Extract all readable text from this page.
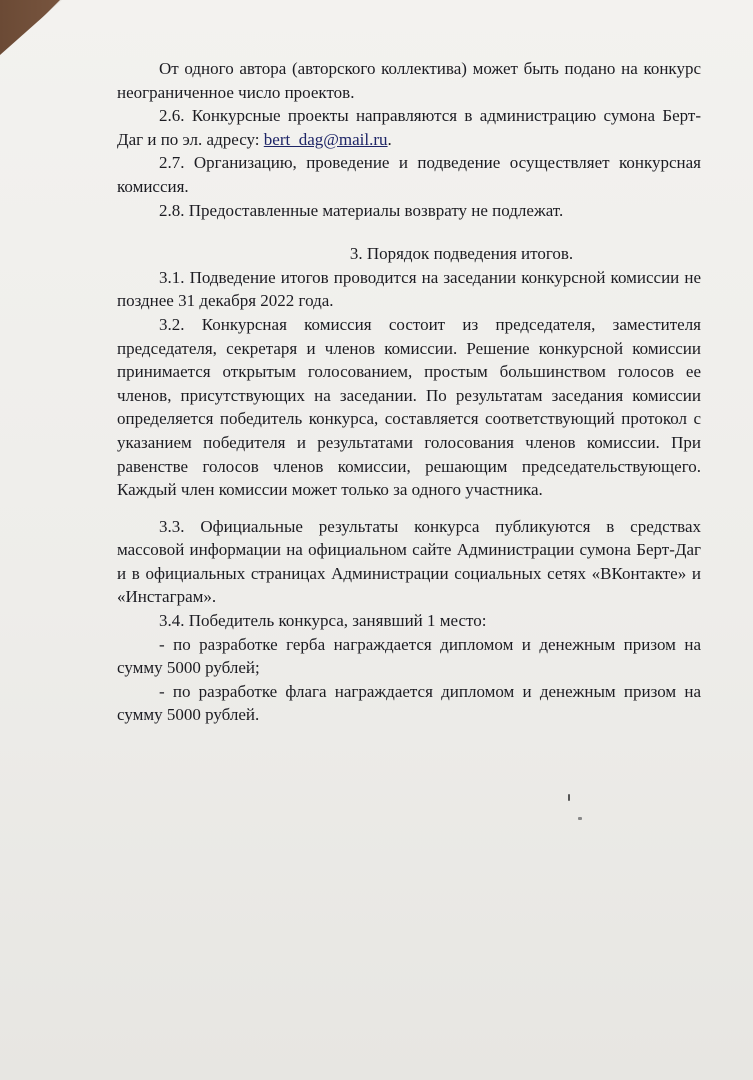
От одного автора (авторского коллектива) может быть подано на конкурс неограниченное число проектов.

2.6. Конкурсные проекты направляются в администрацию сумона Берт-Даг и по эл. адресу: bert_dag@mail.ru.

2.7. Организацию, проведение и подведение осуществляет конкурсная комиссия.

2.8. Предоставленные материалы возврату не подлежат.

3. Порядок подведения итогов.

3.1. Подведение итогов проводится на заседании конкурсной комиссии не позднее 31 декабря 2022 года.

3.2. Конкурсная комиссия состоит из председателя, заместителя председателя, секретаря и членов комиссии. Решение конкурсной комиссии принимается открытым голосованием, простым большинством голосов ее членов, присутствующих на заседании. По результатам заседания комиссии определяется победитель конкурса, составляется соответствующий протокол с указанием победителя и результатами голосования членов комиссии. При равенстве голосов членов комиссии, решающим председательствующего. Каждый член комиссии может только за одного участника.

3.3. Официальные результаты конкурса публикуются в средствах массовой информации на официальном сайте Администрации сумона Берт-Даг и в официальных страницах Администрации социальных сетях «ВКонтакте» и «Инстаграм».

3.4. Победитель конкурса, занявший 1 место:

- по разработке герба награждается дипломом и денежным призом на сумму 5000 рублей;

- по разработке флага награждается дипломом и денежным призом на сумму 5000 рублей.
